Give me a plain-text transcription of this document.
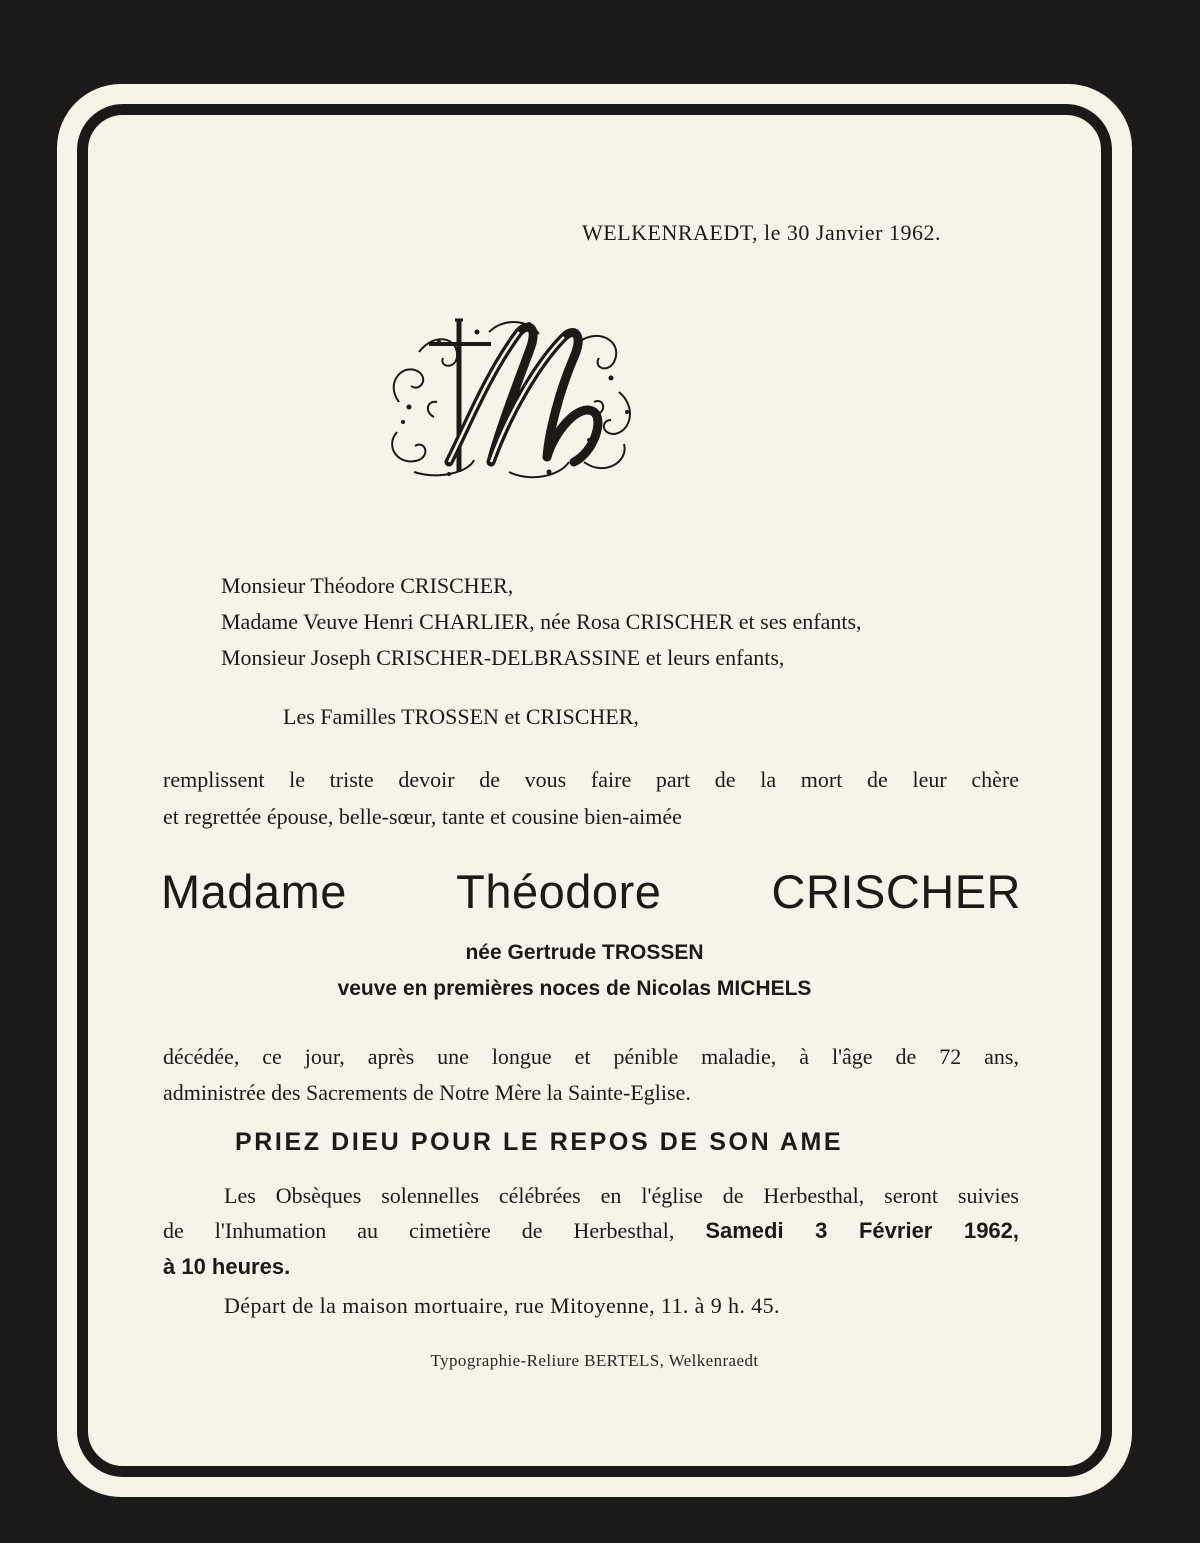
WELKENRAEDT, le 30 Janvier 1962.
Monsieur Théodore CRISCHER,
Madame Veuve Henri CHARLIER, née Rosa CRISCHER et ses enfants,
Monsieur Joseph CRISCHER-DELBRASSINE et leurs enfants,
Les Familles TROSSEN et CRISCHER,
remplissent le triste devoir de vous faire part de la mort de leur chère
et regrettée épouse, belle-sœur, tante et cousine bien-aimée
Madame Théodore CRISCHER
née Gertrude TROSSEN
veuve en premières noces de Nicolas MICHELS
décédée, ce jour, après une longue et pénible maladie, à l'âge de 72 ans,
administrée des Sacrements de Notre Mère la Sainte-Eglise.
PRIEZ DIEU POUR LE REPOS DE SON AME
Les Obsèques solennelles célébrées en l'église de Herbesthal, seront suivies
de l'Inhumation au cimetière de Herbesthal, Samedi 3 Février 1962,
à 10 heures.
Départ de la maison mortuaire, rue Mitoyenne, 11. à 9 h. 45.
Typographie-Reliure BERTELS, Welkenraedt
